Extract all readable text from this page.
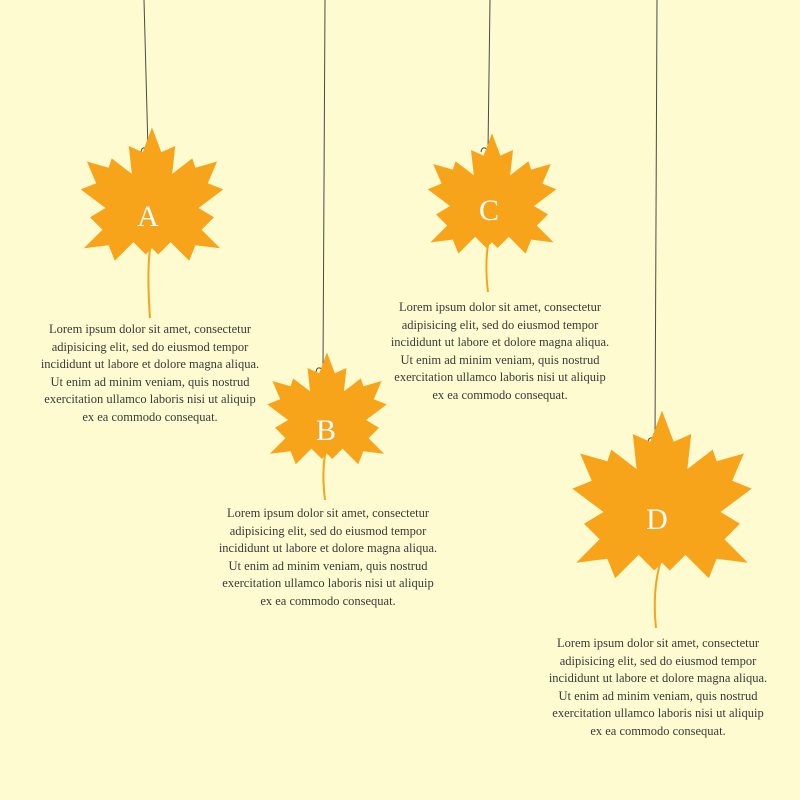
A
B
C
D
Lorem ipsum dolor sit amet, consectetur
adipisicing elit, sed do eiusmod tempor
incididunt ut labore et dolore magna aliqua.
Ut enim ad minim veniam, quis nostrud
exercitation ullamco laboris nisi ut aliquip
ex ea commodo consequat.
Lorem ipsum dolor sit amet, consectetur
adipisicing elit, sed do eiusmod tempor
incididunt ut labore et dolore magna aliqua.
Ut enim ad minim veniam, quis nostrud
exercitation ullamco laboris nisi ut aliquip
ex ea commodo consequat.
Lorem ipsum dolor sit amet, consectetur
adipisicing elit, sed do eiusmod tempor
incididunt ut labore et dolore magna aliqua.
Ut enim ad minim veniam, quis nostrud
exercitation ullamco laboris nisi ut aliquip
ex ea commodo consequat.
Lorem ipsum dolor sit amet, consectetur
adipisicing elit, sed do eiusmod tempor
incididunt ut labore et dolore magna aliqua.
Ut enim ad minim veniam, quis nostrud
exercitation ullamco laboris nisi ut aliquip
ex ea commodo consequat.
